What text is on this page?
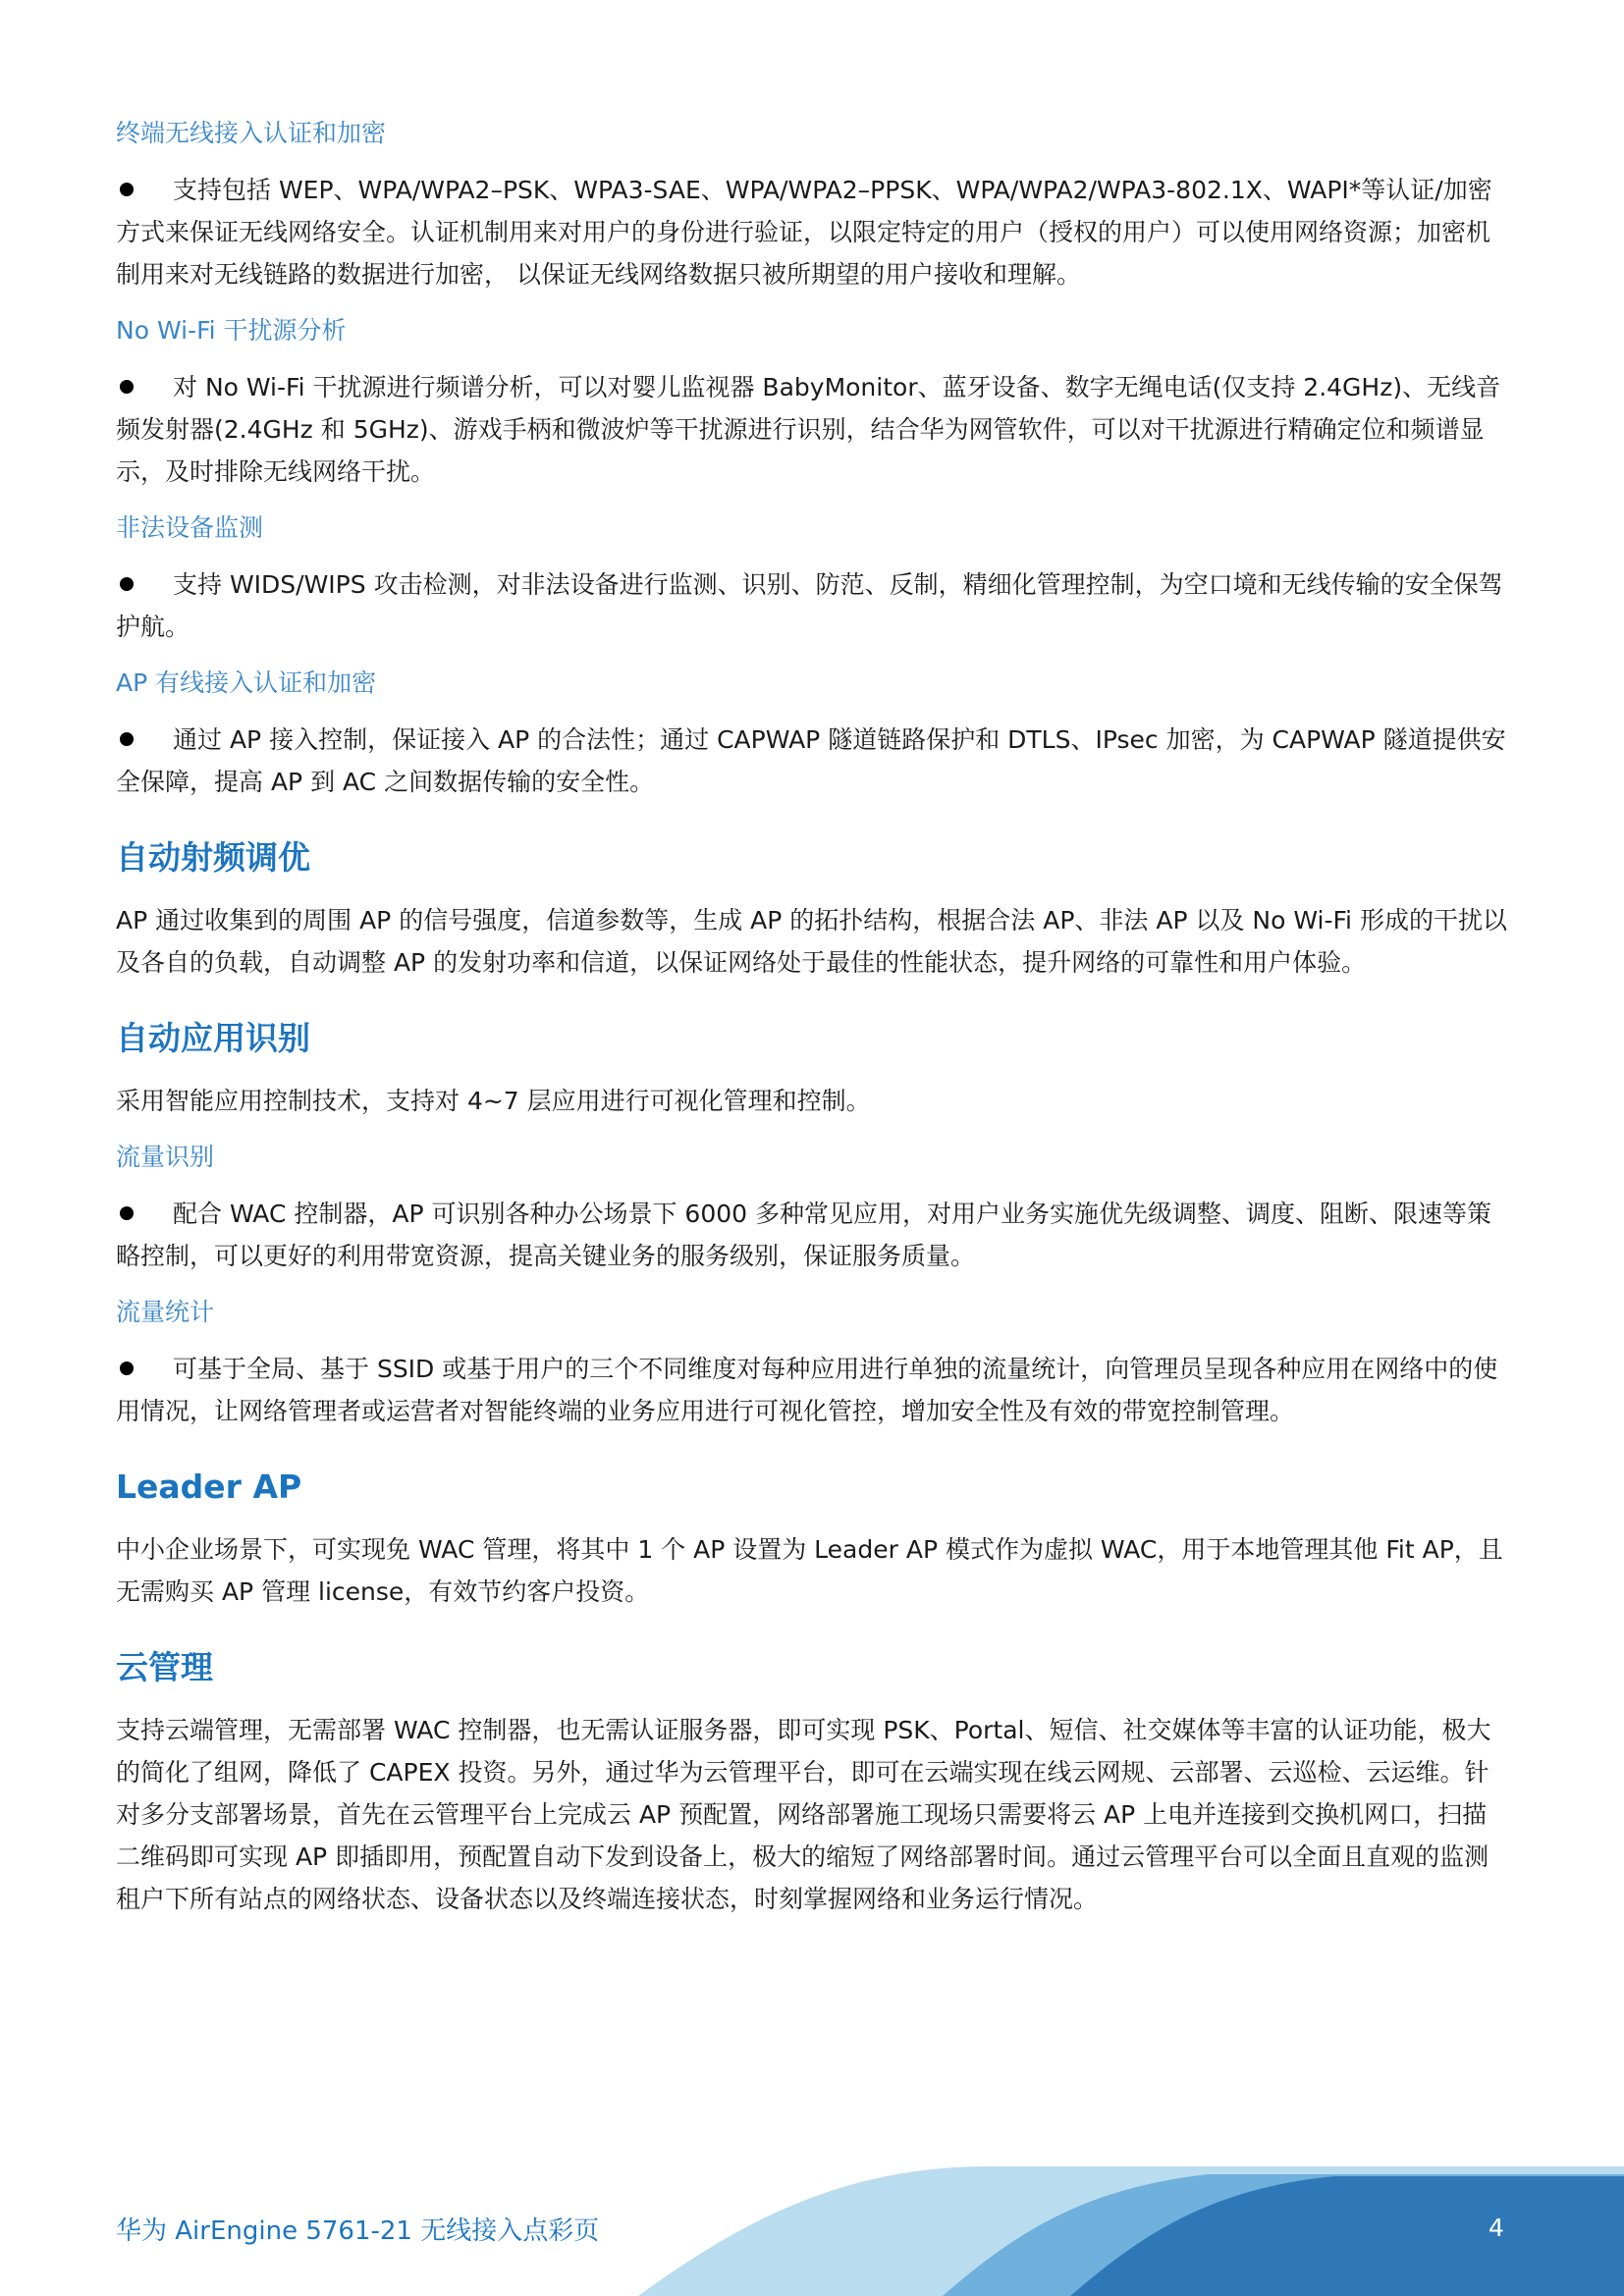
终端无线接入认证和加密

支持包括 WEP、WPA/WPA2–PSK、WPA3-SAE、WPA/WPA2–PPSK、WPA/WPA2/WPA3-802.1X、WAPI*等认证/加密方式来保证无线网络安全。认证机制用来对用户的身份进行验证，以限定特定的用户（授权的用户）可以使用网络资源；加密机制用来对无线链路的数据进行加密， 以保证无线网络数据只被所期望的用户接收和理解。

No Wi-Fi 干扰源分析

对 No Wi-Fi 干扰源进行频谱分析，可以对婴儿监视器 BabyMonitor、蓝牙设备、数字无绳电话(仅支持 2.4GHz)、无线音频发射器(2.4GHz 和 5GHz)、游戏手柄和微波炉等干扰源进行识别，结合华为网管软件，可以对干扰源进行精确定位和频谱显示，及时排除无线网络干扰。

非法设备监测

支持 WIDS/WIPS 攻击检测，对非法设备进行监测、识别、防范、反制，精细化管理控制，为空口境和无线传输的安全保驾护航。

AP 有线接入认证和加密

通过 AP 接入控制，保证接入 AP 的合法性；通过 CAPWAP 隧道链路保护和 DTLS、IPsec 加密，为 CAPWAP 隧道提供安全保障，提高 AP 到 AC 之间数据传输的安全性。

自动射频调优

AP 通过收集到的周围 AP 的信号强度，信道参数等，生成 AP 的拓扑结构，根据合法 AP、非法 AP 以及 No Wi-Fi 形成的干扰以及各自的负载，自动调整 AP 的发射功率和信道，以保证网络处于最佳的性能状态，提升网络的可靠性和用户体验。

自动应用识别

采用智能应用控制技术，支持对 4~7 层应用进行可视化管理和控制。

流量识别

配合 WAC 控制器，AP 可识别各种办公场景下 6000 多种常见应用，对用户业务实施优先级调整、调度、阻断、限速等策略控制，可以更好的利用带宽资源，提高关键业务的服务级别，保证服务质量。

流量统计

可基于全局、基于 SSID 或基于用户的三个不同维度对每种应用进行单独的流量统计，向管理员呈现各种应用在网络中的使用情况，让网络管理者或运营者对智能终端的业务应用进行可视化管控，增加安全性及有效的带宽控制管理。

Leader AP

中小企业场景下，可实现免 WAC 管理，将其中 1 个 AP 设置为 Leader AP 模式作为虚拟 WAC，用于本地管理其他 Fit AP，且无需购买 AP 管理 license，有效节约客户投资。

云管理

支持云端管理，无需部署 WAC 控制器，也无需认证服务器，即可实现 PSK、Portal、短信、社交媒体等丰富的认证功能，极大的简化了组网，降低了 CAPEX 投资。另外，通过华为云管理平台，即可在云端实现在线云网规、云部署、云巡检、云运维。针对多分支部署场景，首先在云管理平台上完成云 AP 预配置，网络部署施工现场只需要将云 AP 上电并连接到交换机网口，扫描二维码即可实现 AP 即插即用，预配置自动下发到设备上，极大的缩短了网络部署时间。通过云管理平台可以全面且直观的监测租户下所有站点的网络状态、设备状态以及终端连接状态，时刻掌握网络和业务运行情况。

华为 AirEngine 5761-21 无线接入点彩页	4
